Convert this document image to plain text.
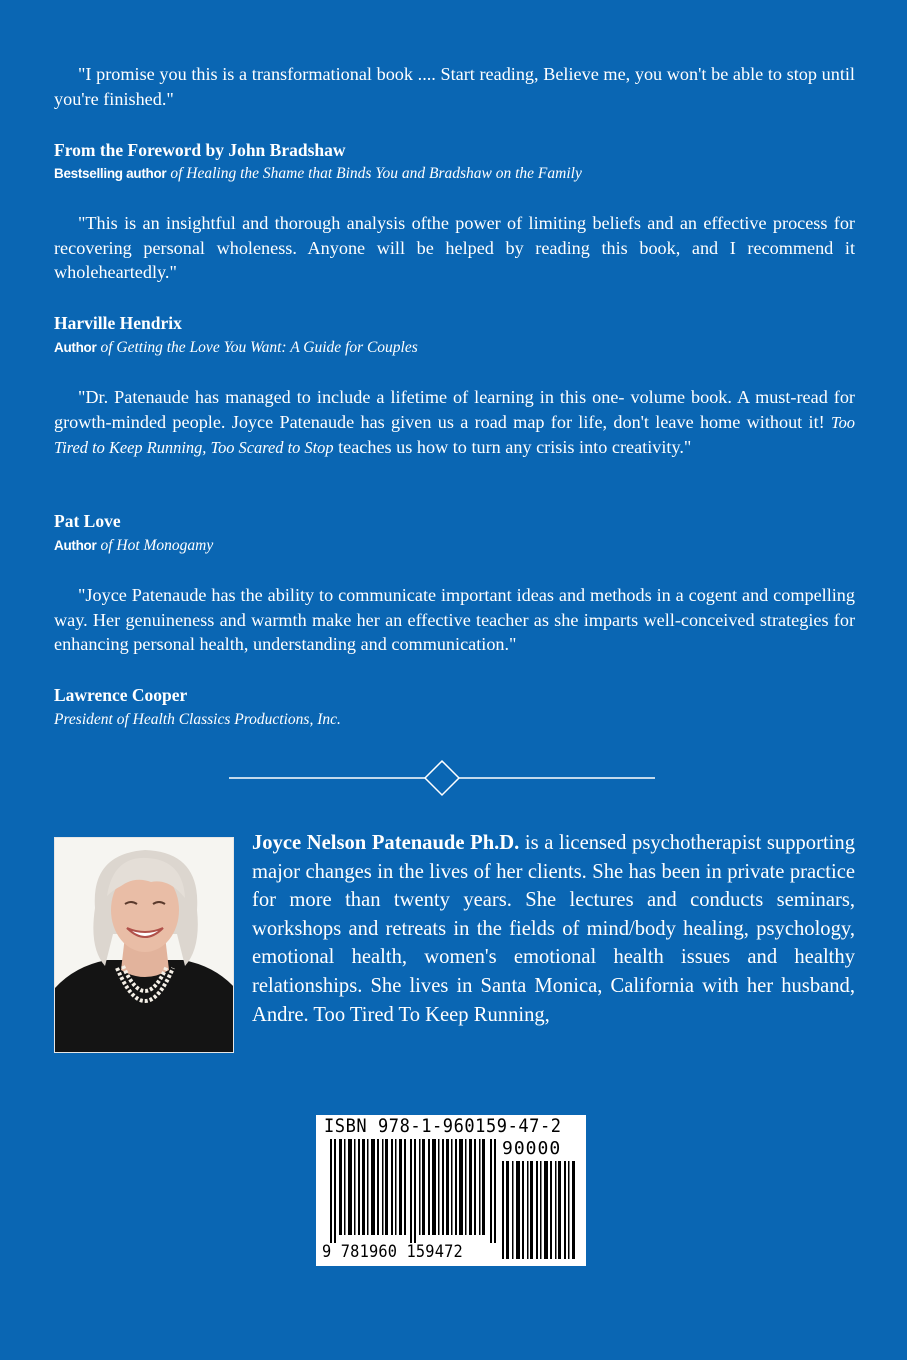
"I promise you this is a transformational book .... Start reading, Believe me, you won't be able to stop until you're finished."

From the Foreword by John Bradshaw
Bestselling author of Healing the Shame that Binds You and Bradshaw on the Family

"This is an insightful and thorough analysis ofthe power of limiting beliefs and an effective process for recovering personal wholeness. Anyone will be helped by reading this book, and I recommend it wholeheartedly."

Harville Hendrix
Author of Getting the Love You Want: A Guide for Couples

"Dr. Patenaude has managed to include a lifetime of learning in this one- volume book. A must-read for growth-minded people. Joyce Patenaude has given us a road map for life, don't leave home without it! Too Tired to Keep Running, Too Scared to Stop teaches us how to turn any crisis into creativity."

Pat Love
Author of Hot Monogamy

"Joyce Patenaude has the ability to communicate important ideas and methods in a cogent and compelling way. Her genuineness and warmth make her an effective teacher as she imparts well-conceived strategies for enhancing personal health, understanding and communication."

Lawrence Cooper
President of Health Classics Productions, Inc.

Joyce Nelson Patenaude Ph.D. is a licensed psychotherapist supporting major changes in the lives of her clients. She has been in private practice for more than twenty years. She lectures and conducts seminars, workshops and retreats in the fields of mind/body healing, psychology, emotional health, women's emotional health issues and healthy relationships. She lives in Santa Monica, California with her husband, Andre. Too Tired To Keep Running,

ISBN 978-1-960159-47-2
90000
9 781960 159472
